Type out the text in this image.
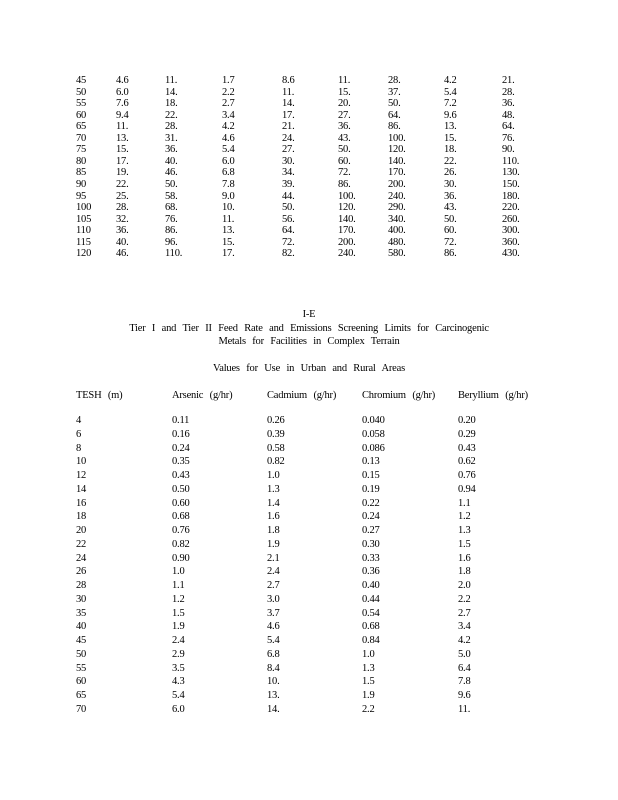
45	4.6	11.	1.7	8.6	11.	28.	4.2	21.
50	6.0	14.	2.2	11.	15.	37.	5.4	28.
55	7.6	18.	2.7	14.	20.	50.	7.2	36.
60	9.4	22.	3.4	17.	27.	64.	9.6	48.
65	11.	28.	4.2	21.	36.	86.	13.	64.
70	13.	31.	4.6	24.	43.	100.	15.	76.
75	15.	36.	5.4	27.	50.	120.	18.	90.
80	17.	40.	6.0	30.	60.	140.	22.	110.
85	19.	46.	6.8	34.	72.	170.	26.	130.
90	22.	50.	7.8	39.	86.	200.	30.	150.
95	25.	58.	9.0	44.	100.	240.	36.	180.
100 28.	68.	10.	50.	120.	290.	43.	220.
105 32.	76.	11.	56.	140.	340.	50.	260.
110 36.	86.	13.	64.	170.	400.	60.	300.
115 40.	96.	15.	72.	200.	480.	72.	360.
120 46.	110.	17.	82.	240.	580.	86.	430.
I-E
Tier I and Tier II Feed Rate and Emissions Screening Limits for Carcinogenic
Metals for Facilities in Complex Terrain
Values for Use in Urban and Rural Areas
TESH (m)	Arsenic (g/hr)	Cadmium (g/hr) Chromium (g/hr) Beryllium (g/hr)
4	0.11	0.26	0.040	0.20
6	0.16	0.39	0.058	0.29
8	0.24	0.58	0.086	0.43
10	0.35	0.82	0.13	0.62
12	0.43	1.0	0.15	0.76
14	0.50	1.3	0.19	0.94
16	0.60	1.4	0.22	1.1
18	0.68	1.6	0.24	1.2
20	0.76	1.8	0.27	1.3
22	0.82	1.9	0.30	1.5
24	0.90	2.1	0.33	1.6
26	1.0	2.4	0.36	1.8
28	1.1	2.7	0.40	2.0
30	1.2	3.0	0.44	2.2
35	1.5	3.7	0.54	2.7
40	1.9	4.6	0.68	3.4
45	2.4	5.4	0.84	4.2
50	2.9	6.8	1.0	5.0
55	3.5	8.4	1.3	6.4
60	4.3	10.	1.5	7.8
65	5.4	13.	1.9	9.6
70	6.0	14.	2.2	11.
